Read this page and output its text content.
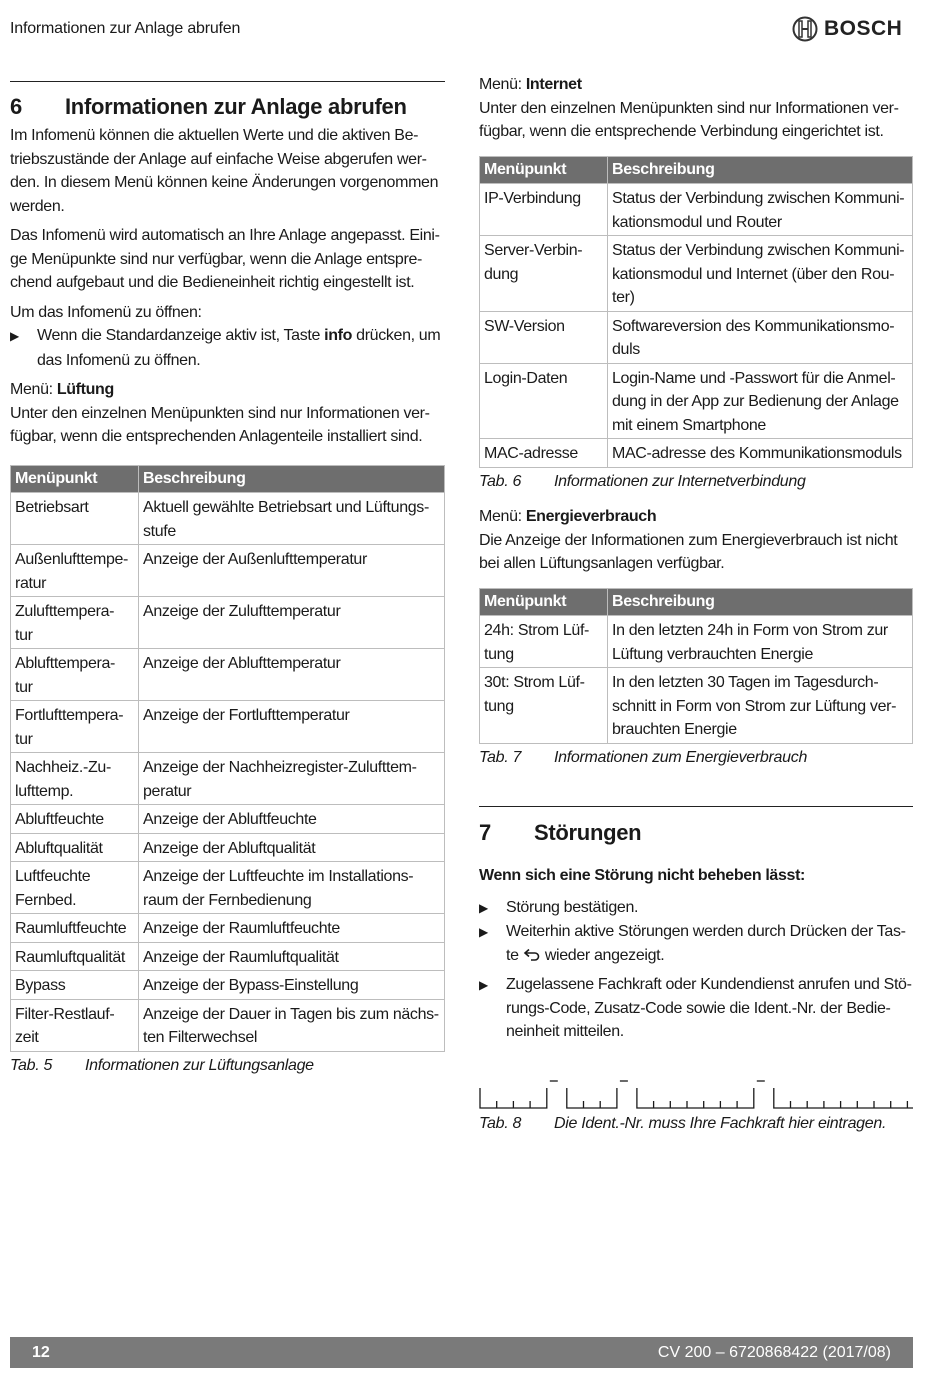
Informationen zur Anlage abrufen	BOSCH
6	Informationen zur Anlage abrufen

Im Infomenü können die aktuellen Werte und die aktiven Be-

triebszustände der Anlage auf einfache Weise abgerufen wer-

den. In diesem Menü können keine Änderungen vorgenommen

werden.

Das Infomenü wird automatisch an Ihre Anlage angepasst. Eini-

ge Menüpunkte sind nur verfügbar, wenn die Anlage entspre-

chend aufgebaut und die Bedieneinheit richtig eingestellt ist.

Um das Infomenü zu öffnen:

▶	Wenn die Standardanzeige aktiv ist, Taste info drücken, um
das Infomenü zu öffnen.

Menü: Lüftung

Unter den einzelnen Menüpunkten sind nur Informationen ver-

fügbar, wenn die entsprechenden Anlagenteile installiert sind.

Menüpunkt	Beschreibung
Betriebsart	Aktuell gewählte Betriebsart und Lüftungs-
stufe
Außenlufttempe-
ratur	Anzeige der Außenlufttemperatur
Zulufttempera-
tur	Anzeige der Zulufttemperatur
Ablufttempera-
tur	Anzeige der Ablufttemperatur
Fortlufttempera-
tur	Anzeige der Fortlufttemperatur
Nachheiz.-Zu-
lufttemp.	Anzeige der Nachheizregister-Zulufttem-
peratur
Abluftfeuchte	Anzeige der Abluftfeuchte
Abluftqualität	Anzeige der Abluftqualität
Luftfeuchte
Fernbed.	Anzeige der Luftfeuchte im Installations-
raum der Fernbedienung
Raumluftfeuchte	Anzeige der Raumluftfeuchte
Raumluftqualität	Anzeige der Raumluftqualität
Bypass	Anzeige der Bypass-Einstellung
Filter-Restlauf-
zeit	Anzeige der Dauer in Tagen bis zum nächs-
ten Filterwechsel
Tab. 5	Informationen zur Lüftungsanlage

Menü: Internet

Unter den einzelnen Menüpunkten sind nur Informationen ver-

fügbar, wenn die entsprechende Verbindung eingerichtet ist.

Menüpunkt	Beschreibung
IP-Verbindung	Status der Verbindung zwischen Kommuni-
kationsmodul und Router
Server-Verbin-
dung	Status der Verbindung zwischen Kommuni-
kationsmodul und Internet (über den Rou-
ter)
SW-Version	Softwareversion des Kommunikationsmo-
duls
Login-Daten	Login-Name und -Passwort für die Anmel-
dung in der App zur Bedienung der Anlage
mit einem Smartphone
MAC-adresse	MAC-adresse des Kommunikationsmoduls
Tab. 6	Informationen zur Internetverbindung

Menü: Energieverbrauch

Die Anzeige der Informationen zum Energieverbrauch ist nicht

bei allen Lüftungsanlagen verfügbar.

Menüpunkt	Beschreibung
24h: Strom Lüf-
tung	In den letzten 24h in Form von Strom zur
Lüftung verbrauchten Energie
30t: Strom Lüf-
tung	In den letzten 30 Tagen im Tagesdurch-
schnitt in Form von Strom zur Lüftung ver-
brauchten Energie
Tab. 7	Informationen zum Energieverbrauch
7	Störungen

Wenn sich eine Störung nicht beheben lässt:

▶	Störung bestätigen.
▶	Weiterhin aktive Störungen werden durch Drücken der Tas-
te  wieder angezeigt.
▶	Zugelassene Fachkraft oder Kundendienst anrufen und Stö-
rungs-Code, Zusatz-Code sowie die Ident.-Nr. der Bedie-
neinheit mitteilen.
Tab. 8	Die Ident.-Nr. muss Ihre Fachkraft hier eintragen.
12	CV 200 – 6720868422 (2017/08)
